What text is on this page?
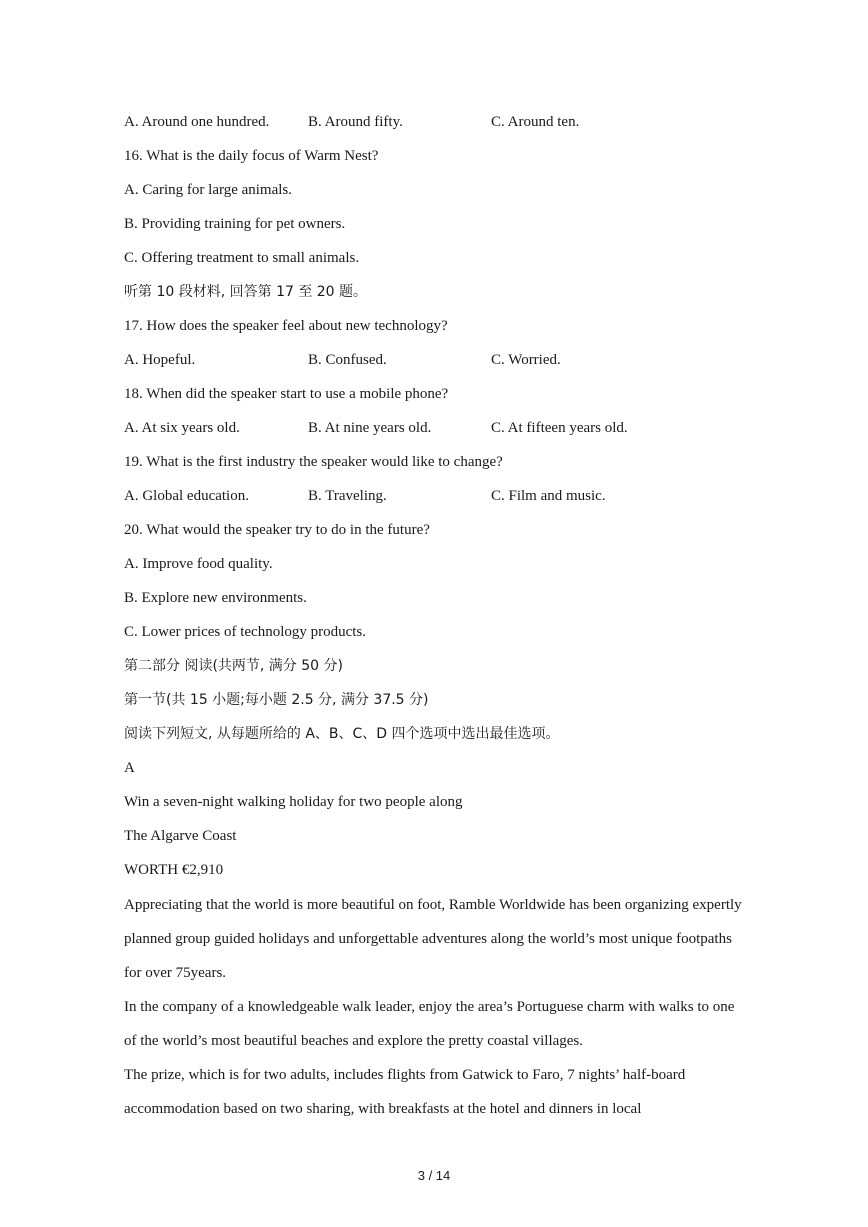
A. Around one hundred.	B. Around fifty.	C. Around ten.
16. What is the daily focus of Warm Nest?
A. Caring for large animals.
B. Providing training for pet owners.
C. Offering treatment to small animals.
听第 10 段材料, 回答第 17 至 20 题。
17. How does the speaker feel about new technology?
A. Hopeful.	B. Confused.	C. Worried.
18. When did the speaker start to use a mobile phone?
A. At six years old.	B. At nine years old.	C. At fifteen years old.
19. What is the first industry the speaker would like to change?
A. Global education.	B. Traveling.	C. Film and music.
20. What would the speaker try to do in the future?
A. Improve food quality.
B. Explore new environments.
C. Lower prices of technology products.
第二部分 阅读(共两节, 满分 50 分)
第一节(共 15 小题;每小题 2.5 分, 满分 37.5 分)
阅读下列短文, 从每题所给的 A、B、C、D 四个选项中选出最佳选项。
A
Win a seven-night walking holiday for two people along
The Algarve Coast
WORTH €2,910
Appreciating that the world is more beautiful on foot, Ramble Worldwide has been organizing expertly planned group guided holidays and unforgettable adventures along the world’s most unique footpaths for over 75years.
In the company of a knowledgeable walk leader, enjoy the area’s Portuguese charm with walks to one of the world’s most beautiful beaches and explore the pretty coastal villages.
The prize, which is for two adults, includes flights from Gatwick to Faro, 7 nights’ half-board accommodation based on two sharing, with breakfasts at the hotel and dinners in local
3 / 14
